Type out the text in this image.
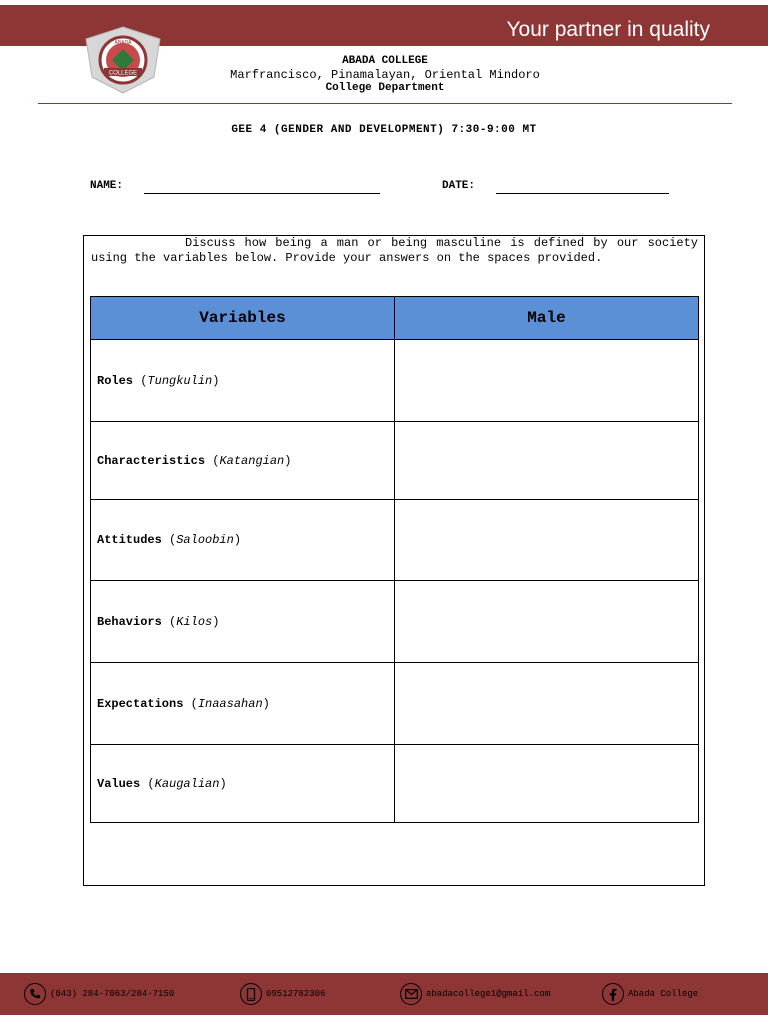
Your partner in quality
COLLEGE
ABADA
ABADA COLLEGE
Marfrancisco, Pinamalayan, Oriental Mindoro
College Department
GEE 4 (GENDER AND DEVELOPMENT) 7:30-9:00 MT
NAME:	DATE:
Discuss how being a man or being masculine is defined by our society using the variables below. Provide your answers on the spaces provided.
Variables	Male
Roles (Tungkulin)	
Characteristics (Katangian)	
Attitudes (Saloobin)	
Behaviors (Kilos)	
Expectations (Inaasahan)	
Values (Kaugalian)	
(043) 284-7063/284-7150	09512782306	abadacollege1@gmail.com	Abada College
